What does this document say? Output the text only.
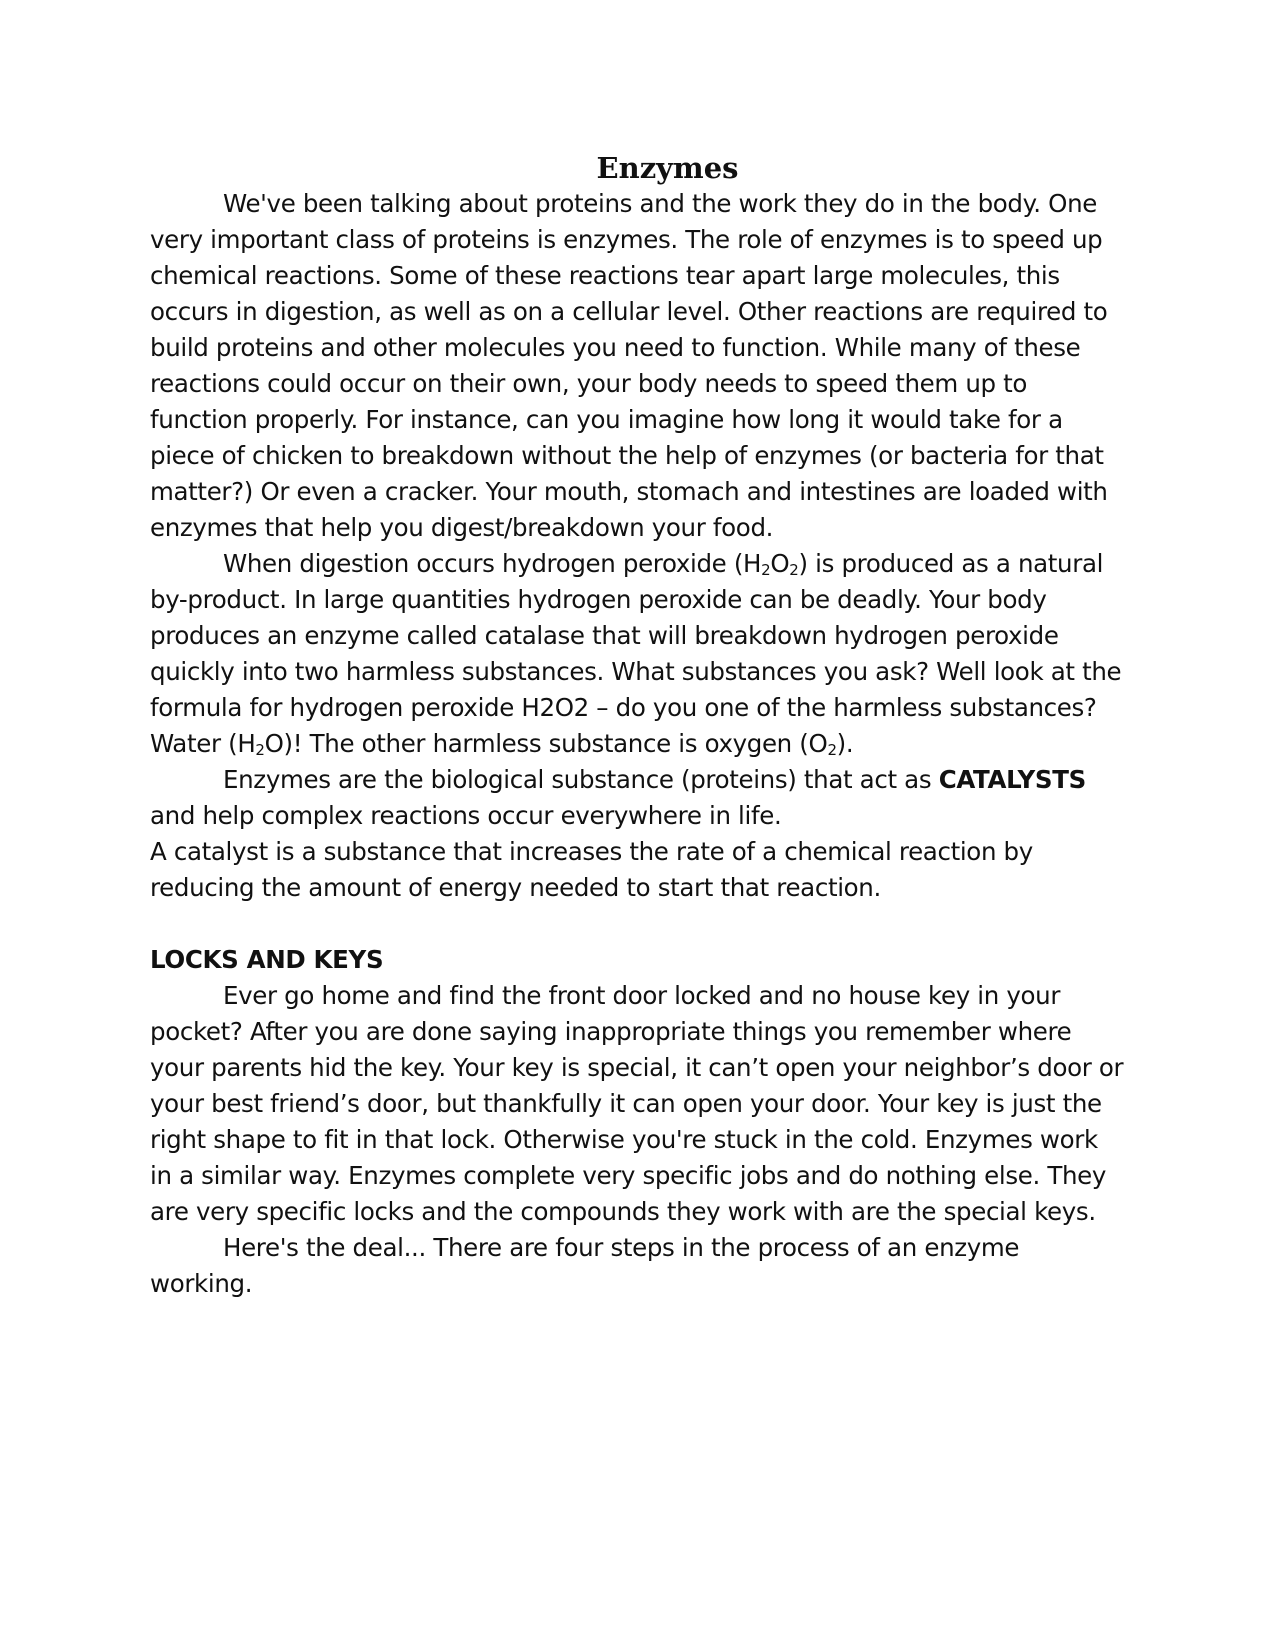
Enzymes

We've been talking about proteins and the work they do in the body. One very important class of proteins is enzymes. The role of enzymes is to speed up chemical reactions. Some of these reactions tear apart large molecules, this occurs in digestion, as well as on a cellular level. Other reactions are required to build proteins and other molecules you need to function. While many of these reactions could occur on their own, your body needs to speed them up to function properly. For instance, can you imagine how long it would take for a piece of chicken to breakdown without the help of enzymes (or bacteria for that matter?) Or even a cracker. Your mouth, stomach and intestines are loaded with enzymes that help you digest/breakdown your food.

When digestion occurs hydrogen peroxide $(H_2O_2)$ is produced as a natural by-product. In large quantities hydrogen peroxide can be deadly. Your body produces an enzyme called catalase that will breakdown hydrogen peroxide quickly into two harmless substances. What substances you ask? Well look at the formula for hydrogen peroxide H2O2 – do you one of the harmless substances? Water $(H_2O)$! The other harmless substance is oxygen $(O_2)$.

Enzymes are the biological substance (proteins) that act as CATALYSTS and help complex reactions occur everywhere in life.

A catalyst is a substance that increases the rate of a chemical reaction by reducing the amount of energy needed to start that reaction.

LOCKS AND KEYS

Ever go home and find the front door locked and no house key in your pocket? After you are done saying inappropriate things you remember where your parents hid the key. Your key is special, it can’t open your neighbor’s door or your best friend’s door, but thankfully it can open your door. Your key is just the right shape to fit in that lock. Otherwise you're stuck in the cold. Enzymes work in a similar way. Enzymes complete very specific jobs and do nothing else. They are very specific locks and the compounds they work with are the special keys.

Here's the deal... There are four steps in the process of an enzyme working.
